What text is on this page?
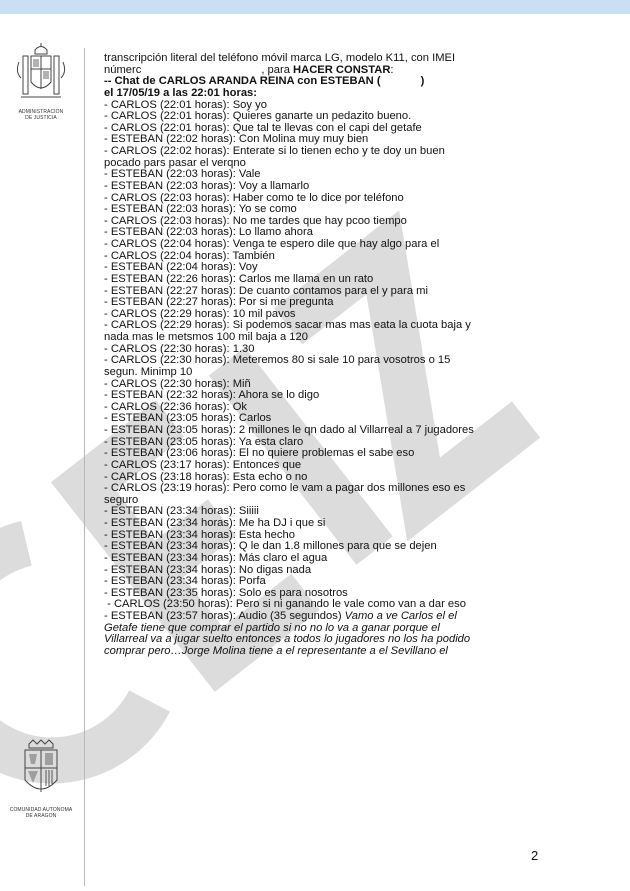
ADMINISTRACION
DE JUSTICIA
COMUNIDAD AUTONOMA
DE ARAGON
transcripción literal del teléfono móvil marca LG, modelo K11, con IMEI
númerc	, para HACER CONSTAR:
-- Chat de CARLOS ARANDA REINA con ESTEBAN (	)
el 17/05/19 a las 22:01 horas:
- CARLOS (22:01 horas): Soy yo
- CARLOS (22:01 horas): Quieres ganarte un pedazito bueno.
- CARLOS (22:01 horas): Que tal te llevas con el capi del getafe
- ESTEBAN (22:02 horas): Con Molina muy muy bien
- CARLOS (22:02 horas): Enterate si lo tienen echo y te doy un buen
pocado pars pasar el verqno
- ESTEBAN (22:03 horas): Vale
- ESTEBAN (22:03 horas): Voy a llamarlo
- CARLOS (22:03 horas): Haber como te lo dice por teléfono
- ESTEBAN (22:03 horas): Yo se como
- CARLOS (22:03 horas): No me tardes que hay pcoo tiempo
- ESTEBAN (22:03 horas): Lo llamo ahora
- CARLOS (22:04 horas): Venga te espero dile que hay algo para el
- CARLOS (22:04 horas): También
- ESTEBAN (22:04 horas): Voy
- ESTEBAN (22:26 horas): Carlos me llama en un rato
- ESTEBAN (22:27 horas): De cuanto contamos para el y para mi
- ESTEBAN (22:27 horas): Por si me pregunta
- CARLOS (22:29 horas): 10 mil pavos
- CARLOS (22:29 horas): Si podemos sacar mas mas eata la cuota baja y
nada mas le metsmos 100 mil baja a 120
- CARLOS (22:30 horas): 1.30
- CARLOS (22:30 horas): Meteremos 80 si sale 10 para vosotros o 15
segun. Minimp 10
- CARLOS (22:30 horas): Miñ
- ESTEBAN (22:32 horas): Ahora se lo digo
- CARLOS (22:36 horas): Ok
- ESTEBAN (23:05 horas): Carlos
- ESTEBAN (23:05 horas): 2 millones le qn dado al Villarreal a 7 jugadores
- ESTEBAN (23:05 horas): Ya esta claro
- ESTEBAN (23:06 horas): El no quiere problemas el sabe eso
- CARLOS (23:17 horas): Entonces que
- CARLOS (23:18 horas): Esta echo o no
- CARLOS (23:19 horas): Pero como le vam a pagar dos millones eso es
seguro
- ESTEBAN (23:34 horas): Siiiii
- ESTEBAN (23:34 horas): Me ha DJ i que si
- ESTEBAN (23:34 horas): Esta hecho
- ESTEBAN (23:34 horas): Q le dan 1.8 millones para que se dejen
- ESTEBAN (23:34 horas): Más claro el agua
- ESTEBAN (23:34 horas): No digas nada
- ESTEBAN (23:34 horas): Porfa
- ESTEBAN (23:35 horas): Solo es para nosotros
- CARLOS (23:50 horas): Pero si ni ganando le vale como van a dar eso
- ESTEBAN (23:57 horas): Audio (35 segundos) Vamo a ve Carlos el el
Getafe tiene que comprar el partido si no no lo va a ganar porque el
Villarreal va a jugar suelto entonces a todos lo jugadores no los ha podido
comprar pero…Jorge Molina tiene a el representante a el Sevillano el
2
